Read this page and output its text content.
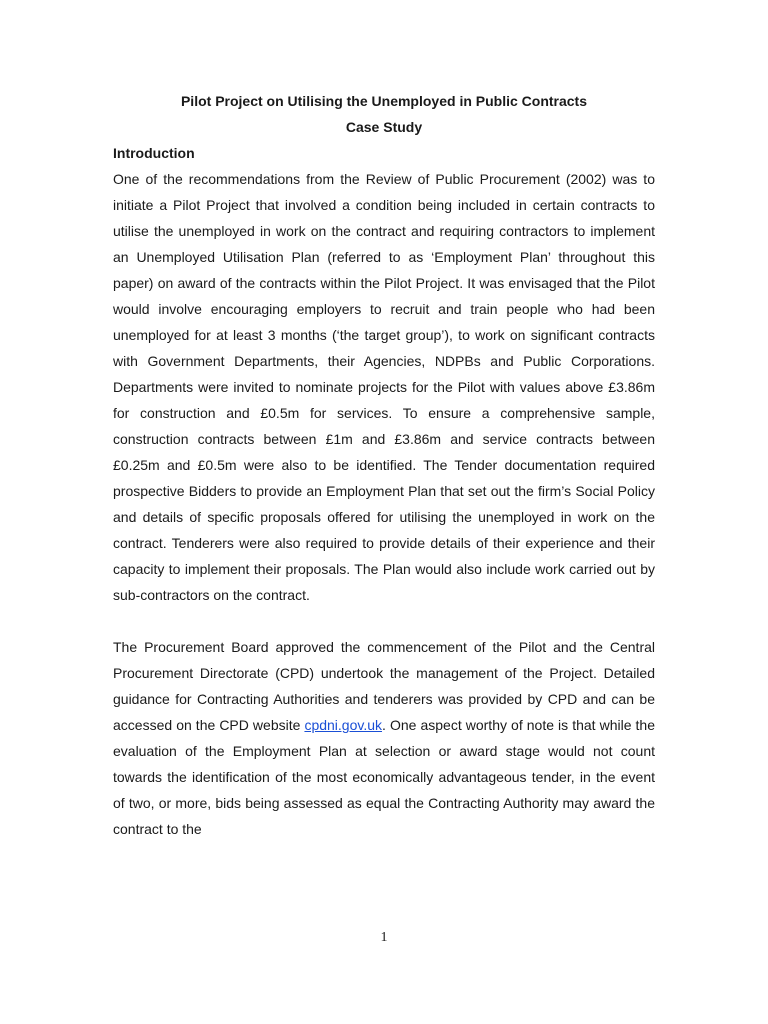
Pilot Project on Utilising the Unemployed in Public Contracts

Case Study

Introduction

One of the recommendations from the Review of Public Procurement (2002) was to initiate a Pilot Project that involved a condition being included in certain contracts to utilise the unemployed in work on the contract and requiring contractors to implement an Unemployed Utilisation Plan (referred to as ‘Employment Plan’ throughout this paper) on award of the contracts within the Pilot Project. It was envisaged that the Pilot would involve encouraging employers to recruit and train people who had been unemployed for at least 3 months (‘the target group’), to work on significant contracts with Government Departments, their Agencies, NDPBs and Public Corporations. Departments were invited to nominate projects for the Pilot with values above £3.86m for construction and £0.5m for services. To ensure a comprehensive sample, construction contracts between £1m and £3.86m and service contracts between £0.25m and £0.5m were also to be identified. The Tender documentation required prospective Bidders to provide an Employment Plan that set out the firm’s Social Policy and details of specific proposals offered for utilising the unemployed in work on the contract. Tenderers were also required to provide details of their experience and their capacity to implement their proposals. The Plan would also include work carried out by sub-contractors on the contract.

The Procurement Board approved the commencement of the Pilot and the Central Procurement Directorate (CPD) undertook the management of the Project. Detailed guidance for Contracting Authorities and tenderers was provided by CPD and can be accessed on the CPD website cpdni.gov.uk. One aspect worthy of note is that while the evaluation of the Employment Plan at selection or award stage would not count towards the identification of the most economically advantageous tender, in the event of two, or more, bids being assessed as equal the Contracting Authority may award the contract to the

1
